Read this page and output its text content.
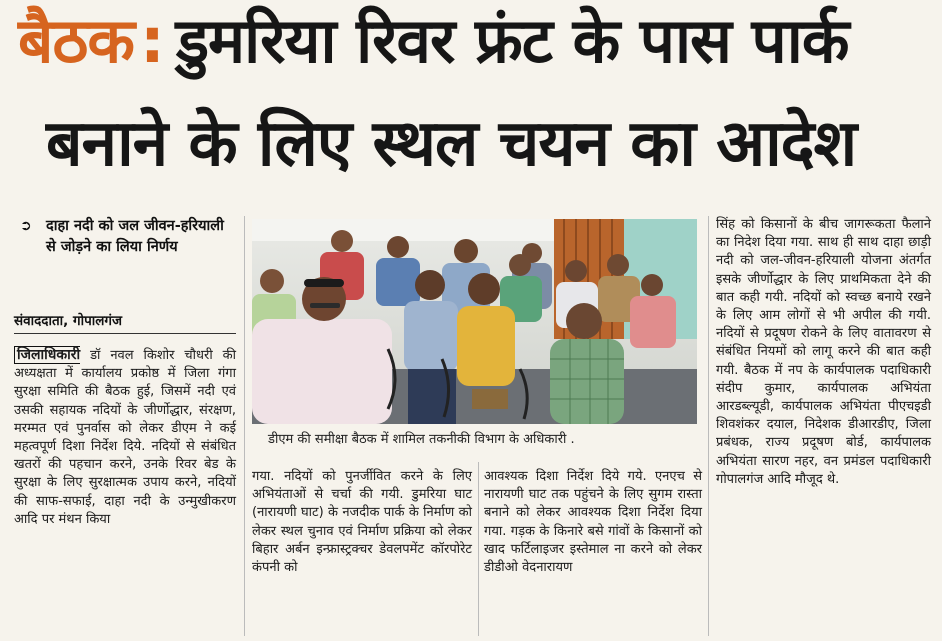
बैठक: डुमरिया रिवर फ्रंट के पास पार्क
बनाने के लिए स्थल चयन का आदेश
➲ दाहा नदी को जल जीवन-हरियाली से जोड़ने का लिया निर्णय
संवाददाता, गोपालगंज
जिलाधिकारी डॉ नवल किशोर चौधरी की अध्यक्षता में कार्यालय प्रकोष्ठ में जिला गंगा सुरक्षा समिति की बैठक हुई, जिसमें नदी एवं उसकी सहायक नदियों के जीर्णोद्धार, संरक्षण, मरम्मत एवं पुनर्वास को लेकर डीएम ने कई महत्वपूर्ण दिशा निर्देश दिये. नदियों से संबंधित खतरों की पहचान करने, उनके रिवर बेड के सुरक्षा के लिए सुरक्षात्मक उपाय करने, नदियों की साफ-सफाई, दाहा नदी के उन्मुखीकरण आदि पर मंथन किया
डीएम की समीक्षा बैठक में शामिल तकनीकी विभाग के अधिकारी .
गया. नदियों को पुनर्जीवित करने के लिए अभियंताओं से चर्चा की गयी. डुमरिया घाट (नारायणी घाट) के नजदीक पार्क के निर्माण को लेकर स्थल चुनाव एवं निर्माण प्रक्रिया को लेकर बिहार अर्बन इन्फ्रास्ट्रक्चर डेवलपमेंट कॉरपोरेट कंपनी को
आवश्यक दिशा निर्देश दिये गये. एनएच से नारायणी घाट तक पहुंचने के लिए सुगम रास्ता बनाने को लेकर आवश्यक दिशा निर्देश दिया गया. गड़क के किनारे बसे गांवों के किसानों को खाद फर्टिलाइजर इस्तेमाल ना करने को लेकर डीडीओ वेदनारायण
सिंह को किसानों के बीच जागरूकता फैलाने का निदेश दिया गया. साथ ही साथ दाहा छाड़ी नदी को जल-जीवन-हरियाली योजना अंतर्गत इसके जीर्णोद्धार के लिए प्राथमिकता देने की बात कही गयी. नदियों को स्वच्छ बनाये रखने के लिए आम लोगों से भी अपील की गयी. नदियों से प्रदूषण रोकने के लिए वातावरण से संबंधित नियमों को लागू करने की बात कही गयी. बैठक में नप के कार्यपालक पदाधिकारी संदीप कुमार, कार्यपालक अभियंता आरडब्ल्यूडी, कार्यपालक अभियंता पीएचइडी शिवशंकर दयाल, निदेशक डीआरडीए, जिला प्रबंधक, राज्य प्रदूषण बोर्ड, कार्यपालक अभियंता सारण नहर, वन प्रमंडल पदाधिकारी गोपालगंज आदि मौजूद थे.
